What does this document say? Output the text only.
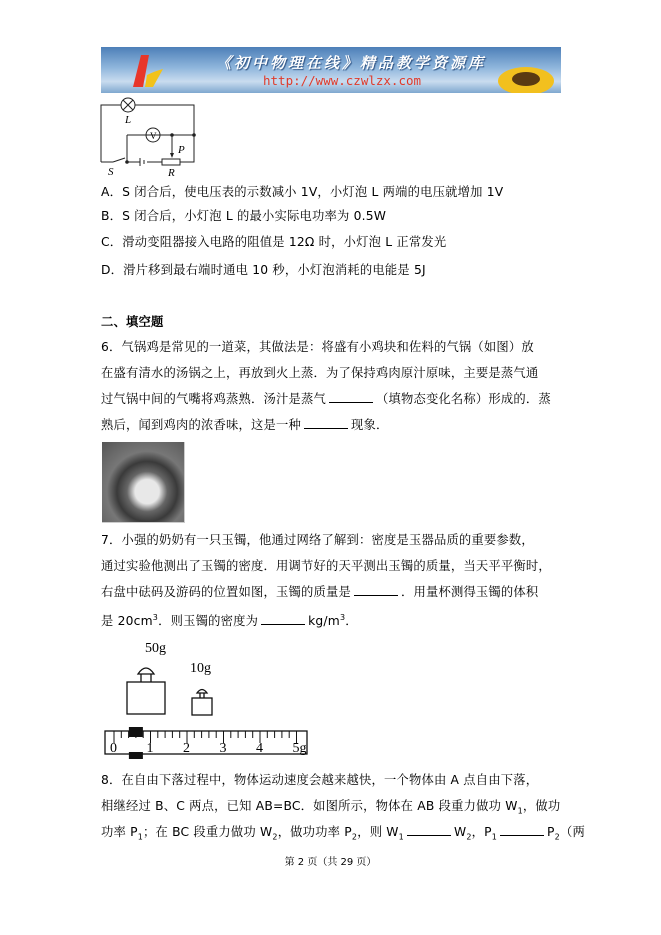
《初中物理在线》精品教学资源库
http://www.czwlzx.com
V
L
P
S	R
A．S 闭合后，使电压表的示数减小 1V，小灯泡 L 两端的电压就增加 1V
B．S 闭合后，小灯泡 L 的最小实际电功率为 0.5W
C．滑动变阻器接入电路的阻值是 12Ω 时，小灯泡 L 正常发光
D．滑片移到最右端时通电 10 秒，小灯泡消耗的电能是 5J
二、填空题
6．气锅鸡是常见的一道菜，其做法是：将盛有小鸡块和佐料的气锅（如图）放
在盛有清水的汤锅之上，再放到火上蒸．为了保持鸡肉原汁原味，主要是蒸气通
过气锅中间的气嘴将鸡蒸熟．汤汁是蒸气	（填物态变化名称）形成的．蒸
熟后，闻到鸡肉的浓香味，这是一种	现象．
7．小强的奶奶有一只玉镯，他通过网络了解到：密度是玉器品质的重要参数，
通过实验他测出了玉镯的密度．用调节好的天平测出玉镯的质量，当天平平衡时，
右盘中砝码及游码的位置如图，玉镯的质量是	．用量杯测得玉镯的体积
是 $20cm^3$．则玉镯的密度为	$kg/m^3$．
50g
10g
0 1 2 3 4 5g
8．在自由下落过程中，物体运动速度会越来越快，一个物体由 A 点自由下落，
相继经过 B、C 两点，已知 AB=BC．如图所示，物体在 AB 段重力做功 $W_1$，做功
功率 $P_1$；在 BC 段重力做功 $W_2$，做功功率 $P_2$，则 $W_1$	$W_2$，$P_1$	$P_2$（两
第 2 页（共 29 页）
